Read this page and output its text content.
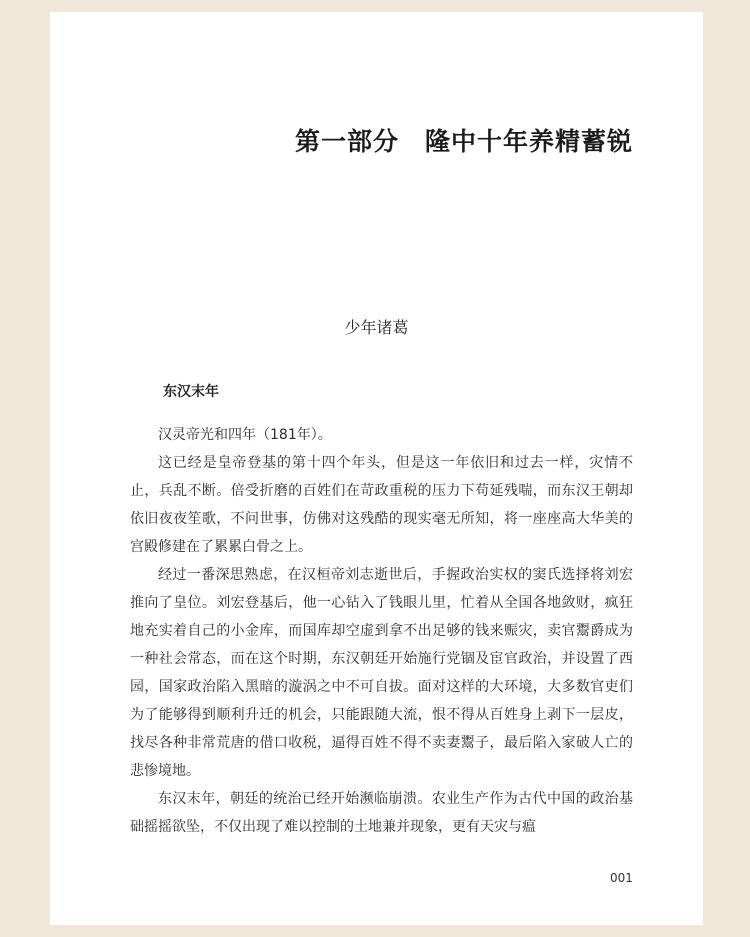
第一部分　隆中十年养精蓄锐
少年诸葛
东汉末年

汉灵帝光和四年（181年）。

这已经是皇帝登基的第十四个年头，但是这一年依旧和过去一样，灾情不止，兵乱不断。倍受折磨的百姓们在苛政重税的压力下苟延残喘，而东汉王朝却依旧夜夜笙歌，不问世事，仿佛对这残酷的现实毫无所知，将一座座高大华美的宫殿修建在了累累白骨之上。

经过一番深思熟虑，在汉桓帝刘志逝世后，手握政治实权的窦氏选择将刘宏推向了皇位。刘宏登基后，他一心钻入了钱眼儿里，忙着从全国各地敛财，疯狂地充实着自己的小金库，而国库却空虚到拿不出足够的钱来赈灾，卖官鬻爵成为一种社会常态，而在这个时期，东汉朝廷开始施行党锢及宦官政治，并设置了西园，国家政治陷入黑暗的漩涡之中不可自拔。面对这样的大环境，大多数官吏们为了能够得到顺利升迁的机会，只能跟随大流，恨不得从百姓身上剥下一层皮，找尽各种非常荒唐的借口收税，逼得百姓不得不卖妻鬻子，最后陷入家破人亡的悲惨境地。

东汉末年，朝廷的统治已经开始濒临崩溃。农业生产作为古代中国的政治基础摇摇欲坠，不仅出现了难以控制的土地兼并现象，更有天灾与瘟

001
